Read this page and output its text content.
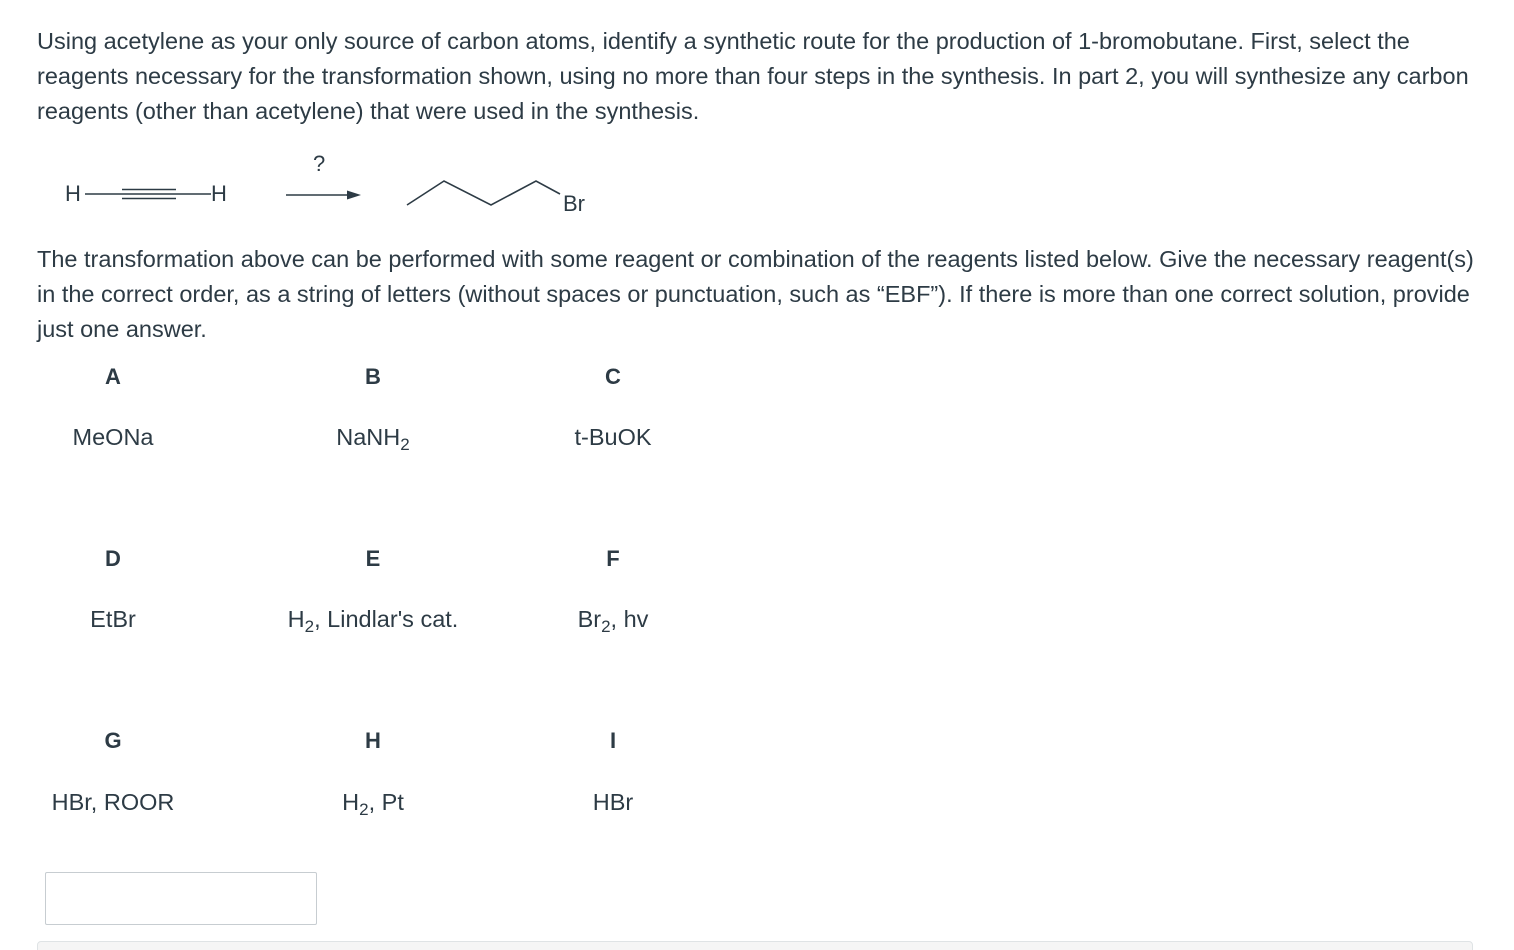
Using acetylene as your only source of carbon atoms, identify a synthetic route for the production of 1-bromobutane. First, select the reagents necessary for the transformation shown, using no more than four steps in the synthesis. In part 2, you will synthesize any carbon reagents (other than acetylene) that were used in the synthesis.

H	H
?
Br

The transformation above can be performed with some reagent or combination of the reagents listed below. Give the necessary reagent(s) in the correct order, as a string of letters (without spaces or punctuation, such as “EBF”). If there is more than one correct solution, provide just one answer.

A
MeONa
B
NaNH$_2$
C
t-BuOK
D
EtBr
E
$H_2$, Lindlar's cat.
F
$Br_2$, hv
G
HBr, ROOR
H
$H_2$, Pt
I
HBr
